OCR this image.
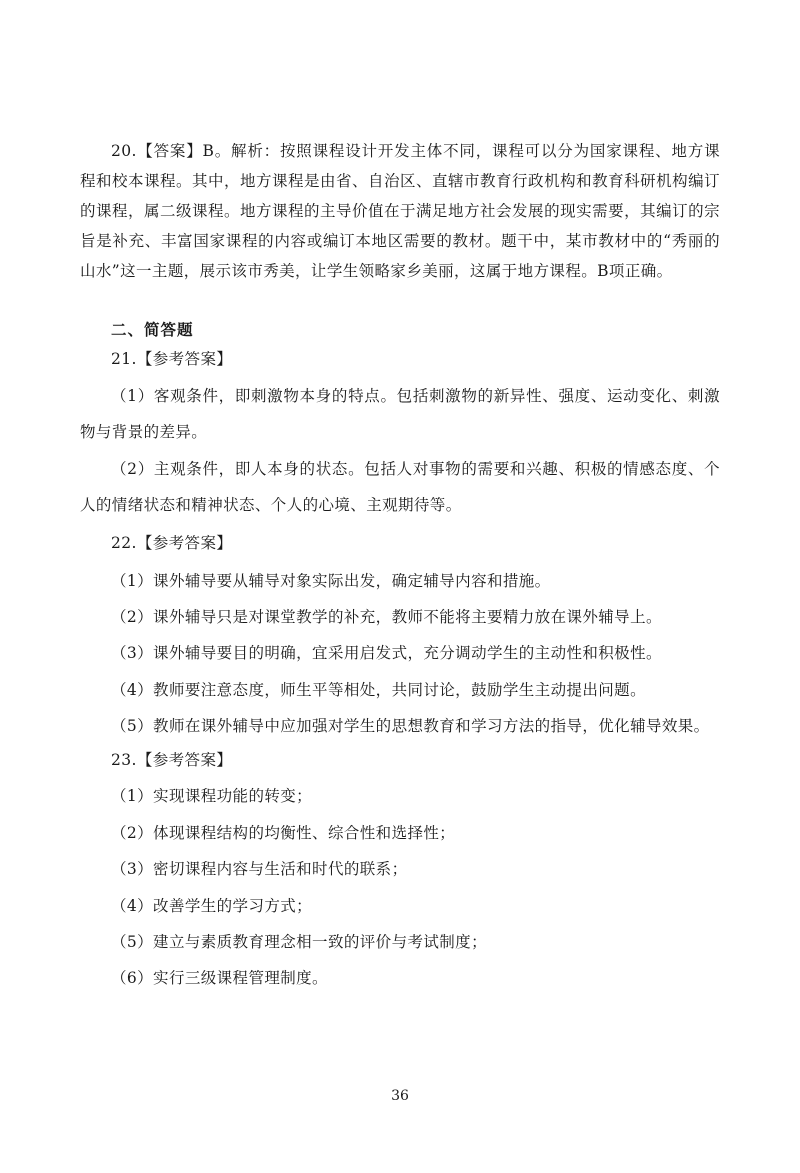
20.【答案】B。解析：按照课程设计开发主体不同，课程可以分为国家课程、地方课程和校本课程。其中，地方课程是由省、自治区、直辖市教育行政机构和教育科研机构编订的课程，属二级课程。地方课程的主导价值在于满足地方社会发展的现实需要，其编订的宗旨是补充、丰富国家课程的内容或编订本地区需要的教材。题干中，某市教材中的“秀丽的山水”这一主题，展示该市秀美，让学生领略家乡美丽，这属于地方课程。B项正确。

二、简答题
21.【参考答案】

（1）客观条件，即刺激物本身的特点。包括刺激物的新异性、强度、运动变化、刺激物与背景的差异。

（2）主观条件，即人本身的状态。包括人对事物的需要和兴趣、积极的情感态度、个人的情绪状态和精神状态、个人的心境、主观期待等。

22.【参考答案】
（1）课外辅导要从辅导对象实际出发，确定辅导内容和措施。
（2）课外辅导只是对课堂教学的补充，教师不能将主要精力放在课外辅导上。
（3）课外辅导要目的明确，宜采用启发式，充分调动学生的主动性和积极性。
（4）教师要注意态度，师生平等相处，共同讨论，鼓励学生主动提出问题。
（5）教师在课外辅导中应加强对学生的思想教育和学习方法的指导，优化辅导效果。
23.【参考答案】
（1）实现课程功能的转变；
（2）体现课程结构的均衡性、综合性和选择性；
（3）密切课程内容与生活和时代的联系；
（4）改善学生的学习方式；
（5）建立与素质教育理念相一致的评价与考试制度；
（6）实行三级课程管理制度。
36
